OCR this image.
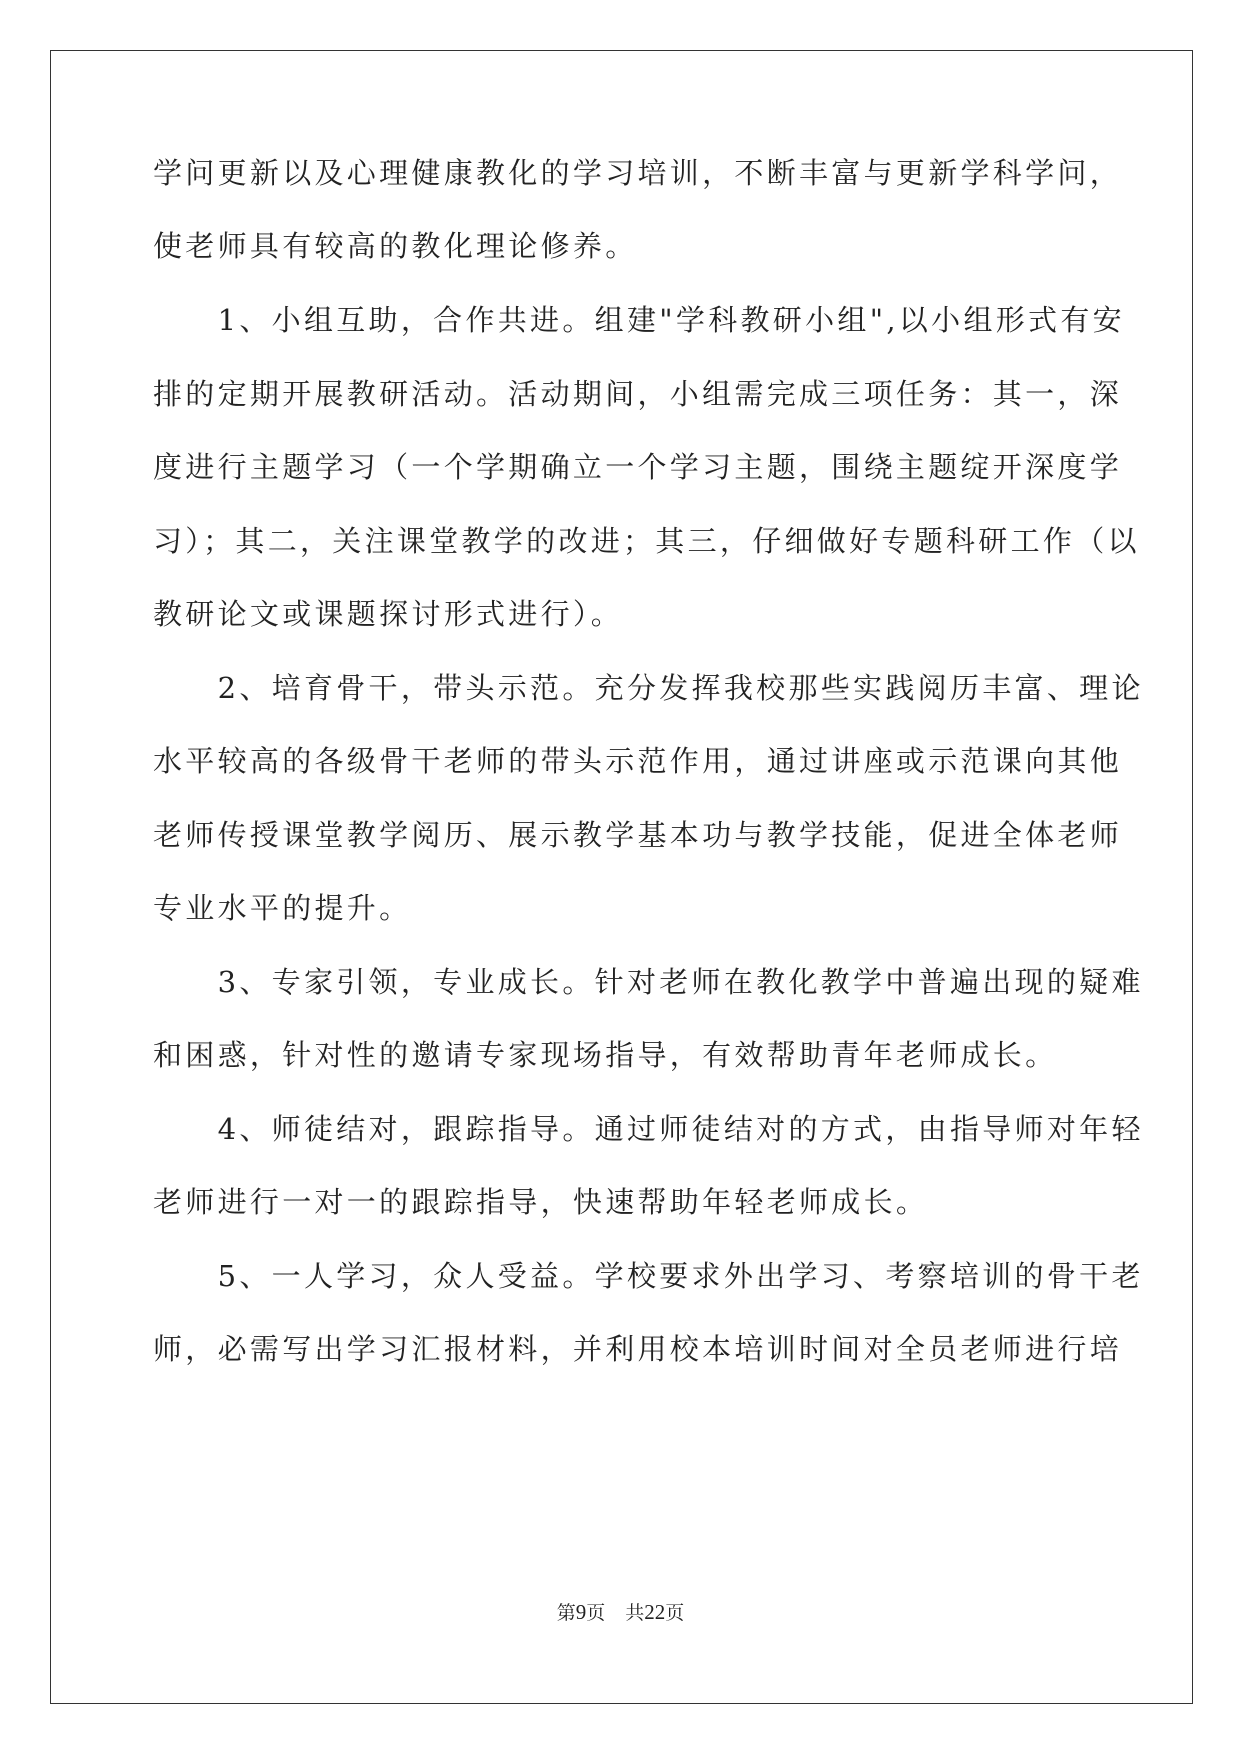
学问更新以及心理健康教化的学习培训，不断丰富与更新学科学问，
使老师具有较高的教化理论修养。
　　1、小组互助，合作共进。组建"学科教研小组",以小组形式有安
排的定期开展教研活动。活动期间，小组需完成三项任务：其一，深
度进行主题学习（一个学期确立一个学习主题，围绕主题绽开深度学
习）；其二，关注课堂教学的改进；其三，仔细做好专题科研工作（以
教研论文或课题探讨形式进行）。
　　2、培育骨干，带头示范。充分发挥我校那些实践阅历丰富、理论
水平较高的各级骨干老师的带头示范作用，通过讲座或示范课向其他
老师传授课堂教学阅历、展示教学基本功与教学技能，促进全体老师
专业水平的提升。
　　3、专家引领，专业成长。针对老师在教化教学中普遍出现的疑难
和困惑，针对性的邀请专家现场指导，有效帮助青年老师成长。
　　4、师徒结对，跟踪指导。通过师徒结对的方式，由指导师对年轻
老师进行一对一的跟踪指导，快速帮助年轻老师成长。
　　5、一人学习，众人受益。学校要求外出学习、考察培训的骨干老
师，必需写出学习汇报材料，并利用校本培训时间对全员老师进行培
第9页 共22页
